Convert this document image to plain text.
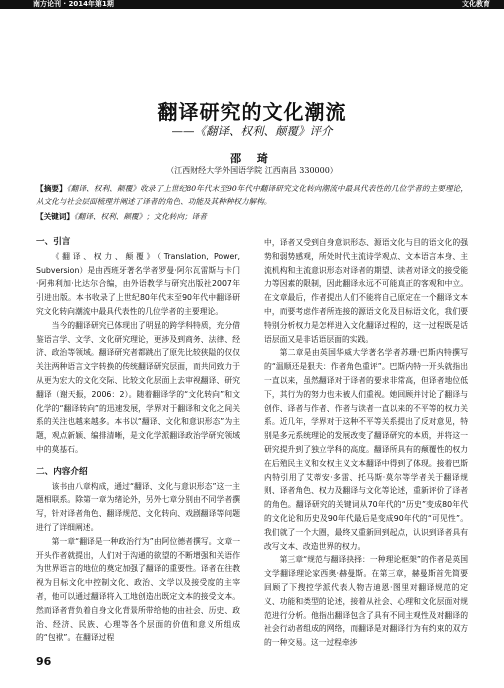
南方论刊 · 2014年第1期	文化教育
翻译研究的文化潮流
——《翻译、权利、颠覆》评介
邵 琦
（江西财经大学外国语学院 江西南昌 330000）
【摘要】《翻译、权利、颠覆》收录了上世纪80年代末至90年代中翻译研究文化转向潮流中最具代表性的几位学者的主要理论，从文化与社会层面梳理并阐述了译者的角色、功能及其种种权力解构。
【关键词】《翻译、权利、颠覆》；文化转向；译者
一、引言

《翻译、权力、颠覆》（Translation, Power, Subversion）是由西班牙著名学者罗曼·阿尔瓦雷斯与卡门·阿弗利加·比达尔合编，由外语教学与研究出版社2007年引进出版。本书收录了上世纪80年代末至90年代中翻译研究文化转向潮流中最具代表性的几位学者的主要理论。

当今的翻译研究已体现出了明显的跨学科特质，充分借鉴语言学、文学、文化研究理论，更涉及到商务、法律、经济、政治等领域。翻译研究者都跳出了原先比较狭隘的仅仅关注两种语言文字转换的传统翻译研究层面，而共同致力于从更为宏大的文化交际、比较文化层面上去审视翻译、研究翻译（谢天振，2006：2）。随着翻译学的“文化转向”和文化学的“翻译转向”的迅速发展，学界对于翻译和文化之间关系的关注也越来越多。本书以“翻译、文化和意识形态”为主题，观点新颖、编排清晰，是文化学派翻译政治学研究领域中的莫基石。

二、内容介绍

该书由八章构成，通过“翻译、文化与意识形态”这一主题相联系。除第一章为绪论外，另外七章分别由不同学者撰写，针对译者角色、翻译规范、文化转向、戏剧翻译等问题进行了详细阐述。

第一章“翻译是一种政治行为”由阿位德者撰写。文章一开头作者就提出，人们对于沟通的欲望的不断增强和关语作为世界语言的地位的奠定加强了翻译的重要性。译者在往教视为目标文化中控制文化、政治、文学以及接受度的主宰者，他可以通过翻译将入工地创造出既定文本的接受文本。然而译者背负着自身文化背景所带给他的由社会、历史、政治、经济、民族、心理等各个层面的价值和意义所组成的“包袱”。在翻译过程

中，译者又受到自身意识形态、源语文化与目的语文化的强势和弱势感观，所处时代主流诗学观点、文本语言本身、主流机构和主流意识形态对译者的期望、读者对译文的接受能力等因素的限制，因此翻译永远不可能真正的客观和中立。在文章最后，作者提出人们不能将自己原定在一个翻译文本中，而要考虑作者所连接的源语文化及目标语文化，我们要特别分析权力是怎样进入文化翻译过程的，这一过程既是话语层面又是非话语层面的实践。

第二章是由英国华威大学著名学者苏珊·巴斯内特撰写的“温顺还是狠夫：作者角色重评”。巴斯内特一开头就指出一直以来，虽然翻译对于译者的要求非常高，但译者地位低下，其行为的努力也未被人们重视。她回顾并讨论了翻译与创作、译者与作者、作者与读者一直以来的不平等的权力关系。近几年，学界对于这种不平等关系提出了反对意见，特别是多元系统理论的发展改变了翻译研究的本质，并将这一研究提升到了独立学科的高度。翻译所具有的颠覆性的权力在后殖民主义和女权主义文本翻译中得到了体现。接着巴斯内特引用了艾蒂安·多雷、托马斯·莫尔等学者关于翻译规则、译者角色、权力及翻译与文化等论述，重新评价了译者的角色。翻译研究的关键词从70年代的“历史”变成80年代的文化论和历史及90年代最后是变成90年代的“可见性”。我们就了一个大圈，最终又重新回到起点，认识到译者具有改写文本、改造世界的权力。

第三章“规范与翻译抉择：一种理论框架”的作者是英国文学翻译理论家西奥·赫曼斯。在第三章，赫曼斯首先简要回顾了下搜控学派代表人物吉迪恩·图里对翻译规范的定义、功能和类型的论述，接着从社会、心理和文化层面对规范进行分析。他指出翻译包含了具有不同主观性及对翻译的社会行动者组成的网络，而翻译是对翻译行为有约束的双方的一种交易。这一过程牵涉

96
